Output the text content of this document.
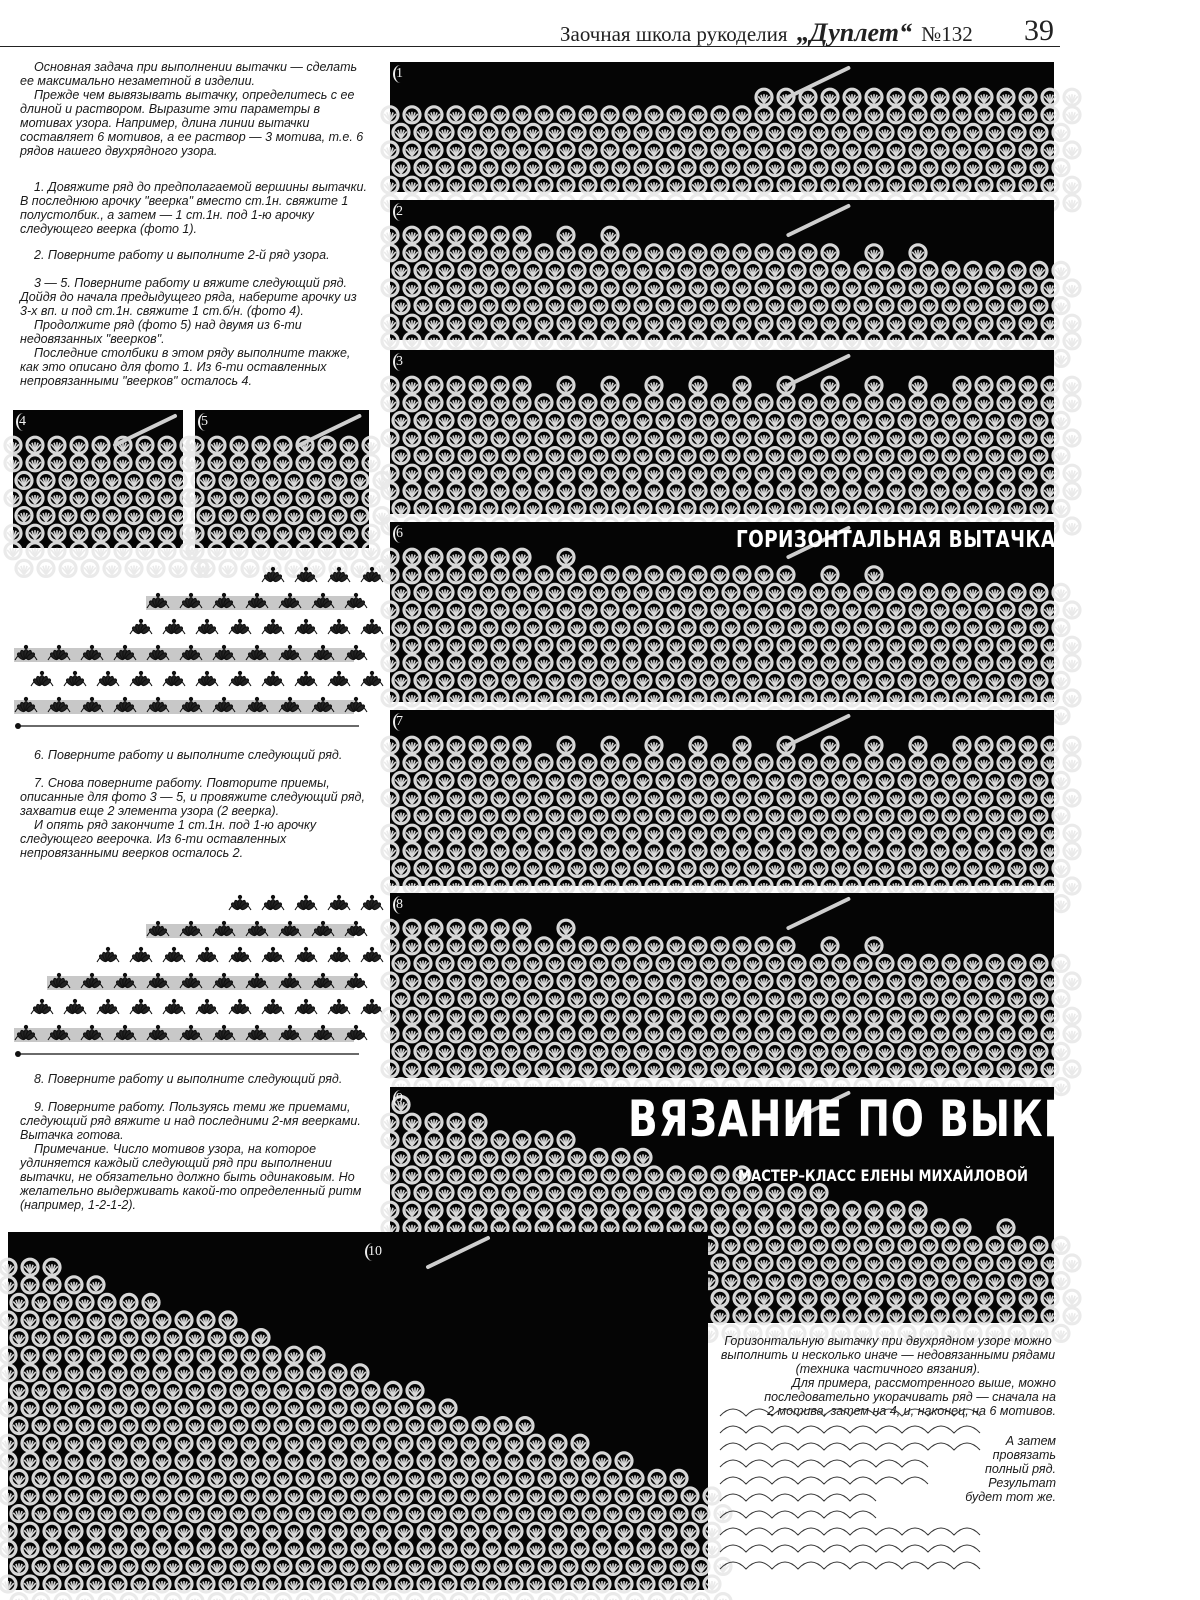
Заочная школа рукоделия „Дуплет“ №132 39

Основная задача при выполнении вытачки — сделать ее максимально незаметной в изделии.

Прежде чем вывязывать вытачку, определитесь с ее длиной и раствором. Выразите эти параметры в мотивах узора. Например, длина линии вытачки составляет 6 мотивов, а ее раствор — 3 мотива, т.е. 6 рядов нашего двухрядного узора.

1. Довяжите ряд до предполагаемой вершины вытачки. В последнюю арочку "веерка" вместо ст.1н. свяжите 1 полустолбик., а затем — 1 ст.1н. под 1-ю арочку следующего веерка (фото 1).

2. Поверните работу и выполните 2-й ряд узора.

3 — 5. Поверните работу и вяжите следующий ряд. Дойдя до начала предыдущего ряда, наберите арочку из 3-х вп. и под ст.1н. свяжите 1 ст.б/н. (фото 4).

Продолжите ряд (фото 5) над двумя из 6-ти недовязанных "веерков".

Последние столбики в этом ряду выполните также, как это описано для фото 1. Из 6-ти оставленных непровязанными "веерков" осталось 4.

4	5

6. Поверните работу и выполните следующий ряд.

7. Снова поверните работу. Повторите приемы, описанные для фото 3 — 5, и провяжите следующий ряд, захватив еще 2 элемента узора (2 веерка).

И опять ряд закончите 1 ст.1н. под 1-ю арочку следующего веерочка. Из 6-ти оставленных непровязанными веерков осталось 2.

8. Поверните работу и выполните следующий ряд.

9. Поверните работу. Пользуясь теми же приемами, следующий ряд вяжите и над последними 2-мя веерками. Вытачка готова.

Примечание. Число мотивов узора, на которое удлиняется каждый следующий ряд при выполнении вытачки, не обязательно должно быть одинаковым. Но желательно выдерживать какой-то определенный ритм (например, 1-2-1-2).

1
2
3
6	ГОРИЗОНТАЛЬНАЯ ВЫТАЧКА
7
8
9	ВЯЗАНИЕ ПО ВЫКРОЙКЕ
МАСТЕР–КЛАСС ЕЛЕНЫ МИХАЙЛОВОЙ
10

Горизонтальную вытачку при двухрядном узоре можно выполнить и несколько иначе — недовязанными рядами (техника частичного вязания).

Для примера, рассмотренного выше, можно последовательно укорачивать ряд — сначала на 2 мотива, затем на 4, и, наконец, на 6 мотивов.

А затем провязать полный ряд. Результат будет тот же.
